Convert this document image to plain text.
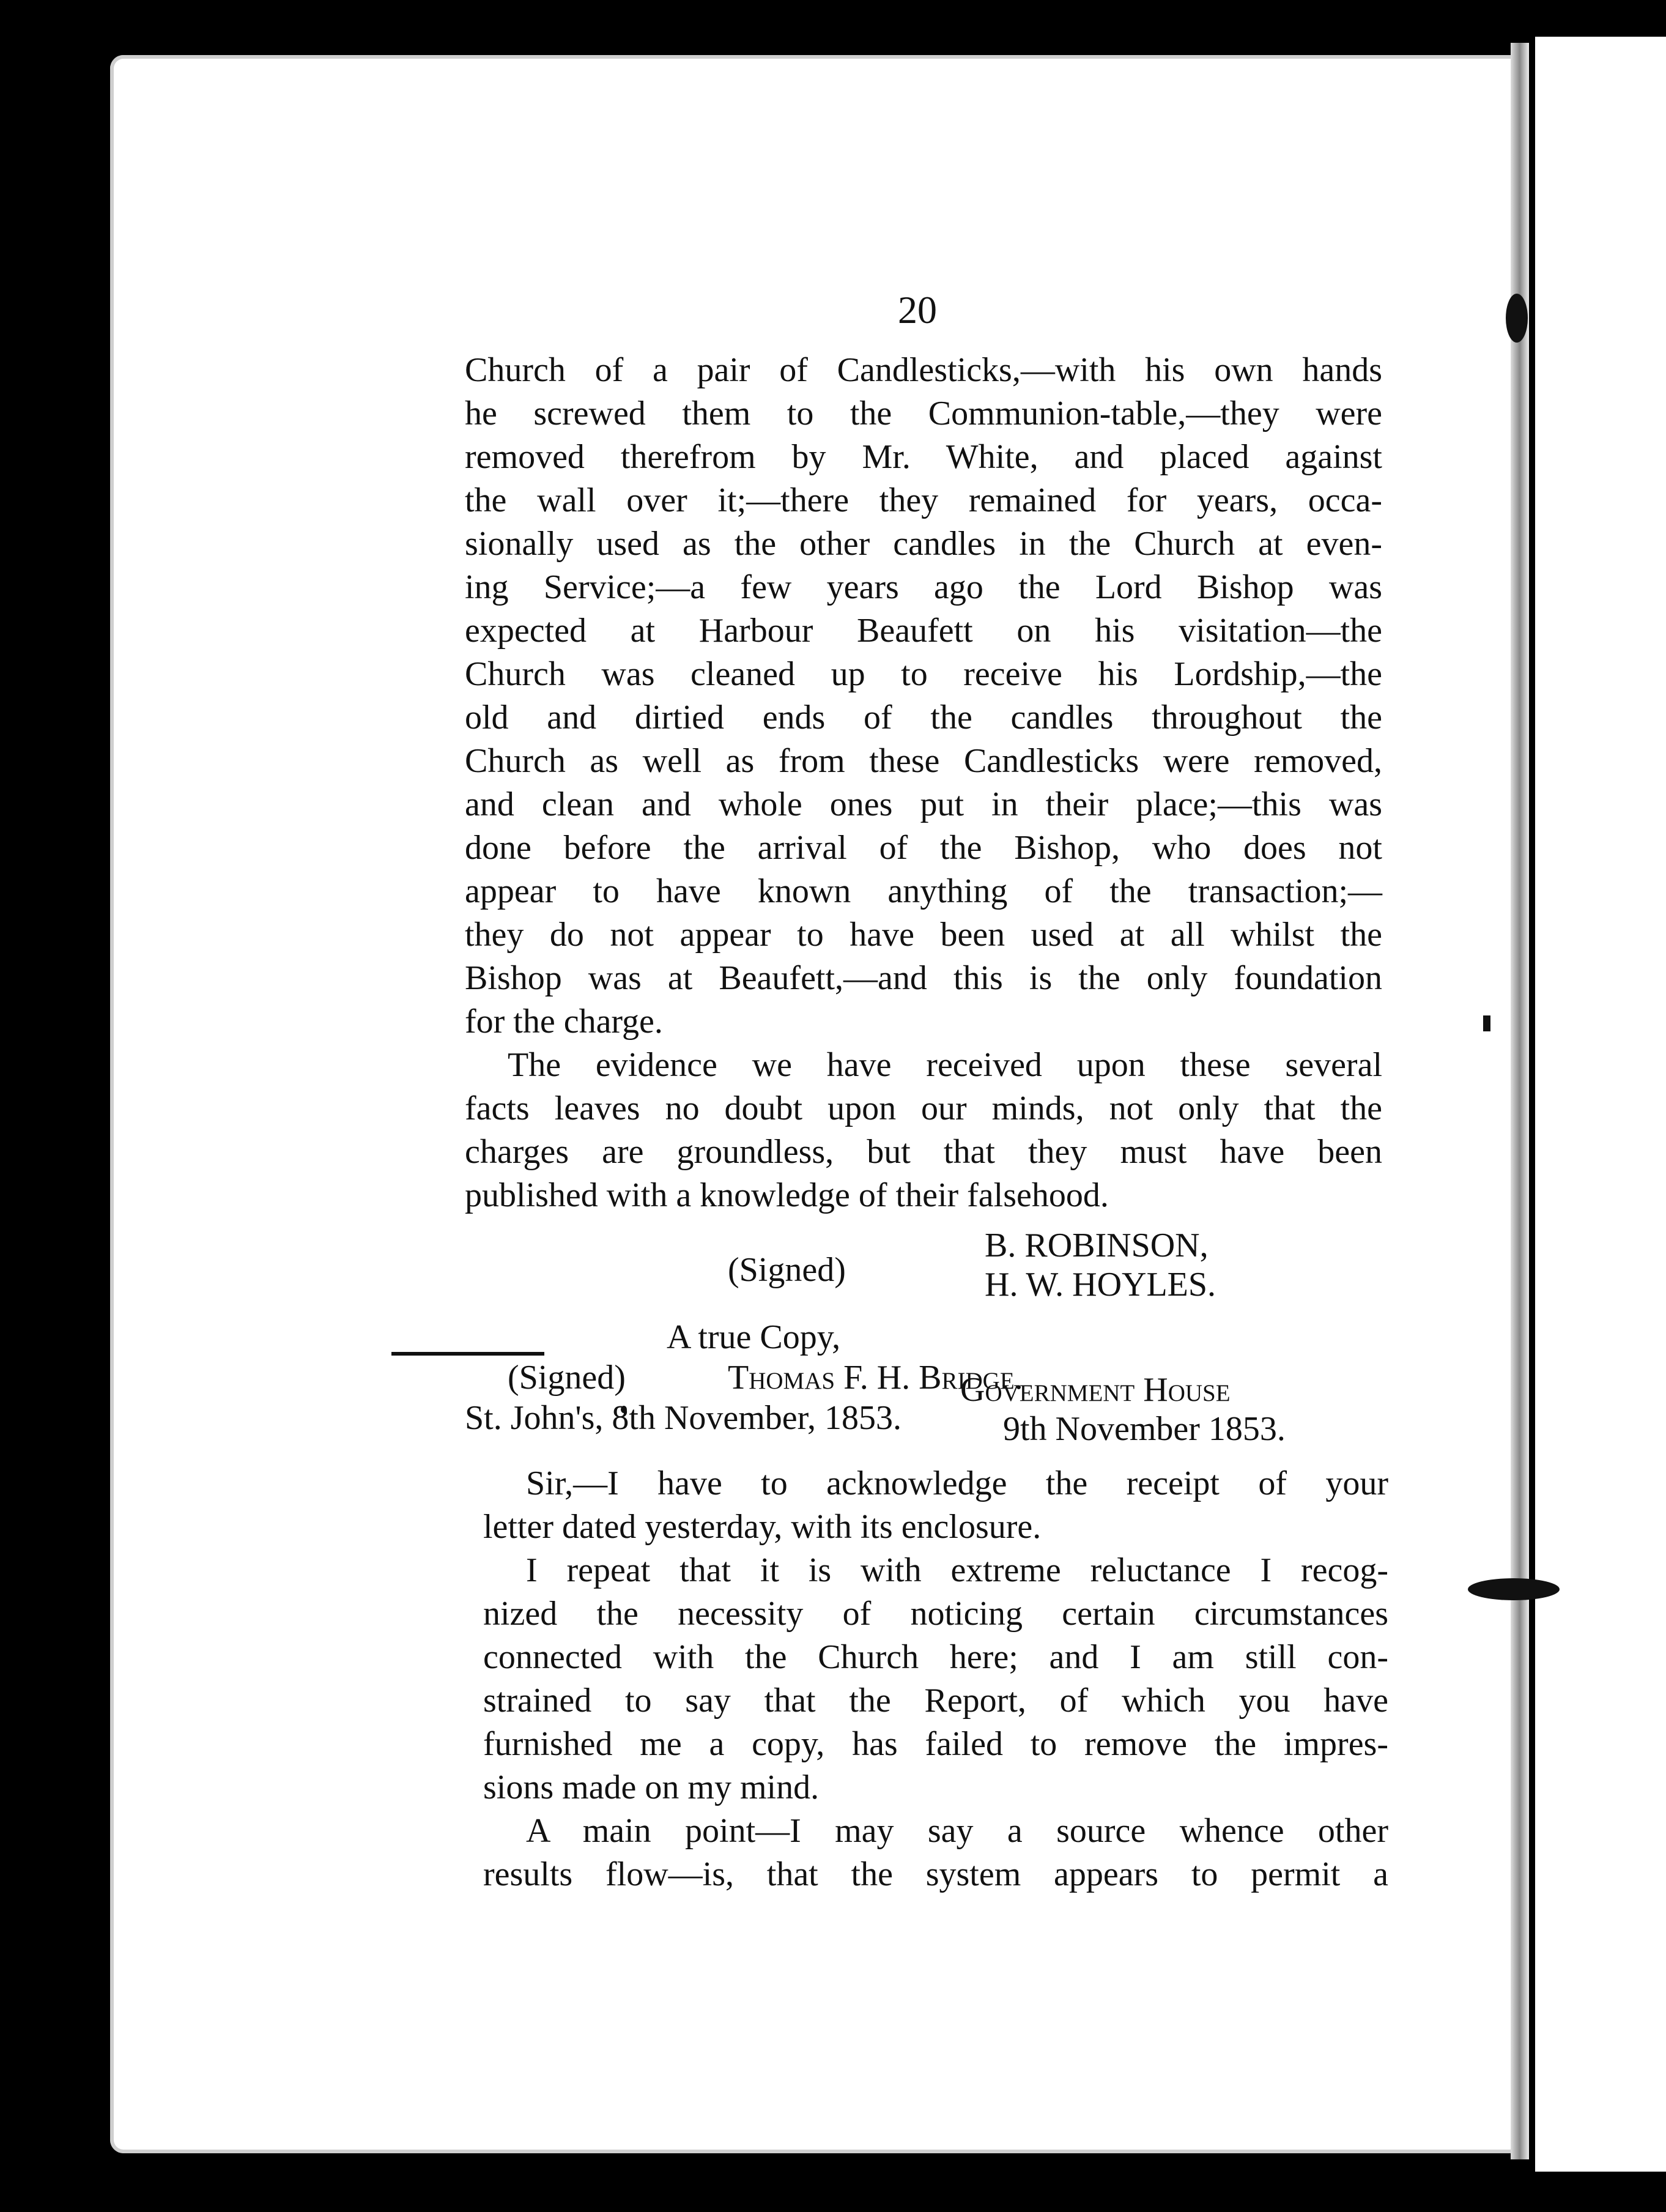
20

Church of a pair of Candlesticks,—with his own hands
he screwed them to the Communion-table,—they were
removed therefrom by Mr. White, and placed against
the wall over it;—there they remained for years, occa-
sionally used as the other candles in the Church at even-
ing Service;—a few years ago the Lord Bishop was
expected at Harbour Beaufett on his visitation—the
Church was cleaned up to receive his Lordship,—the
old and dirtied ends of the candles throughout the
Church as well as from these Candlesticks were removed,
and clean and whole ones put in their place;—this was
done before the arrival of the Bishop, who does not
appear to have known anything of the transaction;—
they do not appear to have been used at all whilst the
Bishop was at Beaufett,—and this is the only foundation
for the charge.

The evidence we have received upon these several
facts leaves no doubt upon our minds, not only that the
charges are groundless, but that they must have been
published with a knowledge of their falsehood.

(Signed)
B. ROBINSON,
H. W. HOYLES.
A true Copy,
(Signed)	Thomas F. H. Bridge.
St. John's, 8th November, 1853.
Government House
9th November 1853.

Sir,—I have to acknowledge the receipt of your
letter dated yesterday, with its enclosure.

I repeat that it is with extreme reluctance I recog-
nized the necessity of noticing certain circumstances
connected with the Church here; and I am still con-
strained to say that the Report, of which you have
furnished me a copy, has failed to remove the impres-
sions made on my mind.

A main point—I may say a source whence other
results flow—is, that the system appears to permit a
